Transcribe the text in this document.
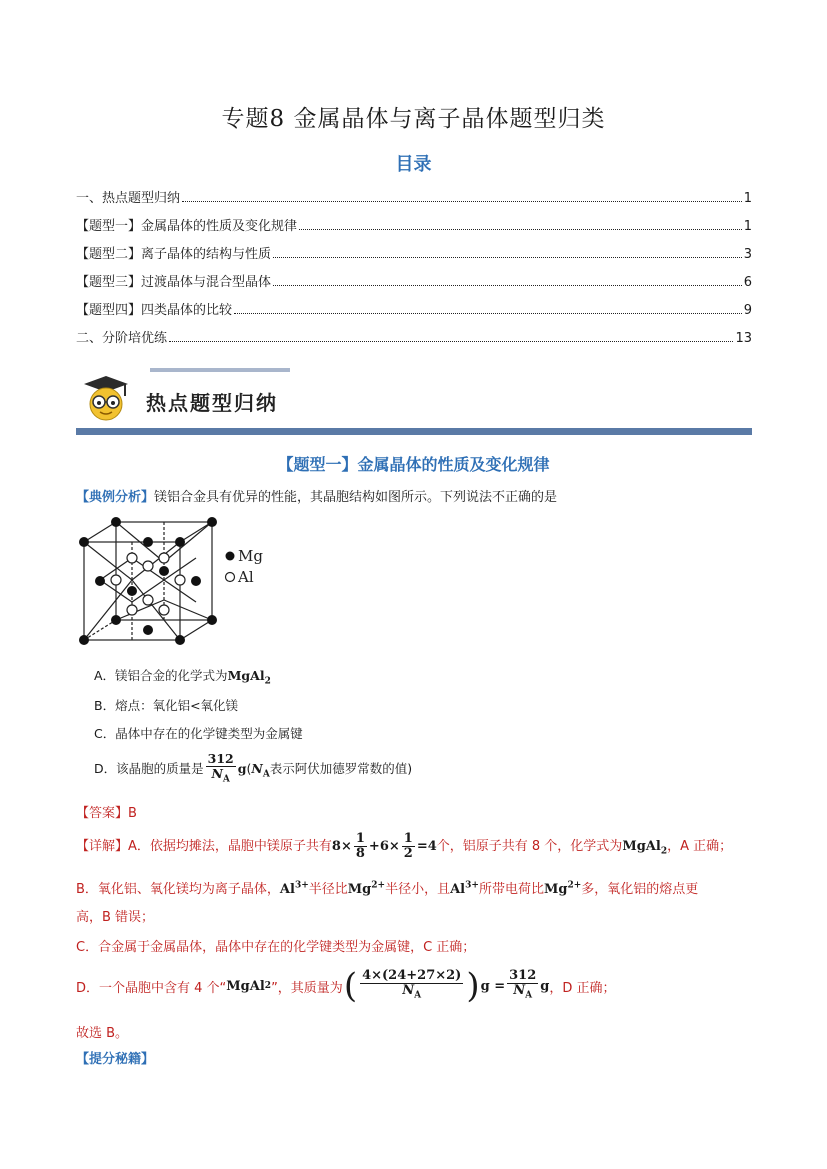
专题8 金属晶体与离子晶体题型归类
目录
一、热点题型归纳	1
【题型一】金属晶体的性质及变化规律	1
【题型二】离子晶体的结构与性质	3
【题型三】过渡晶体与混合型晶体	6
【题型四】四类晶体的比较	9
二、分阶培优练	13
热点题型归纳
【题型一】金属晶体的性质及变化规律
【典例分析】镁铝合金具有优异的性能，其晶胞结构如图所示。下列说法不正确的是
Mg
Al
A．镁铝合金的化学式为MgAl$_2$
B．熔点：氧化铝<氧化镁
C．晶体中存在的化学键类型为金属键
D．该晶胞的质量是 $\frac{312}{N_A} g(N_A$表示阿伏加德罗常数的值)
【答案】B
【详解】A．依据均摊法，晶胞中镁原子共有$8\times \frac{1}{8} +6\times \frac{1}{2} =4$个，铝原子共有 8 个，化学式为MgAl$_2$，A 正确；
B．氧化铝、氧化镁均为离子晶体，$Al^{3+}$半径比$Mg^{2+}$半径小，且$Al^{3+}$所带电荷比$Mg^{2+}$多，氧化铝的熔点更
高，B 错误；
C．合金属于金属晶体，晶体中存在的化学键类型为金属键，C 正确；
D．一个晶胞中含有 4 个“ MgAl 2 ”，其质量为 ( $\frac{4\times(24+27\times 2)}{N_A}$ ) $g = \frac{312}{N_A}$ g ，D 正确；
故选 B。
【提分秘籍】
